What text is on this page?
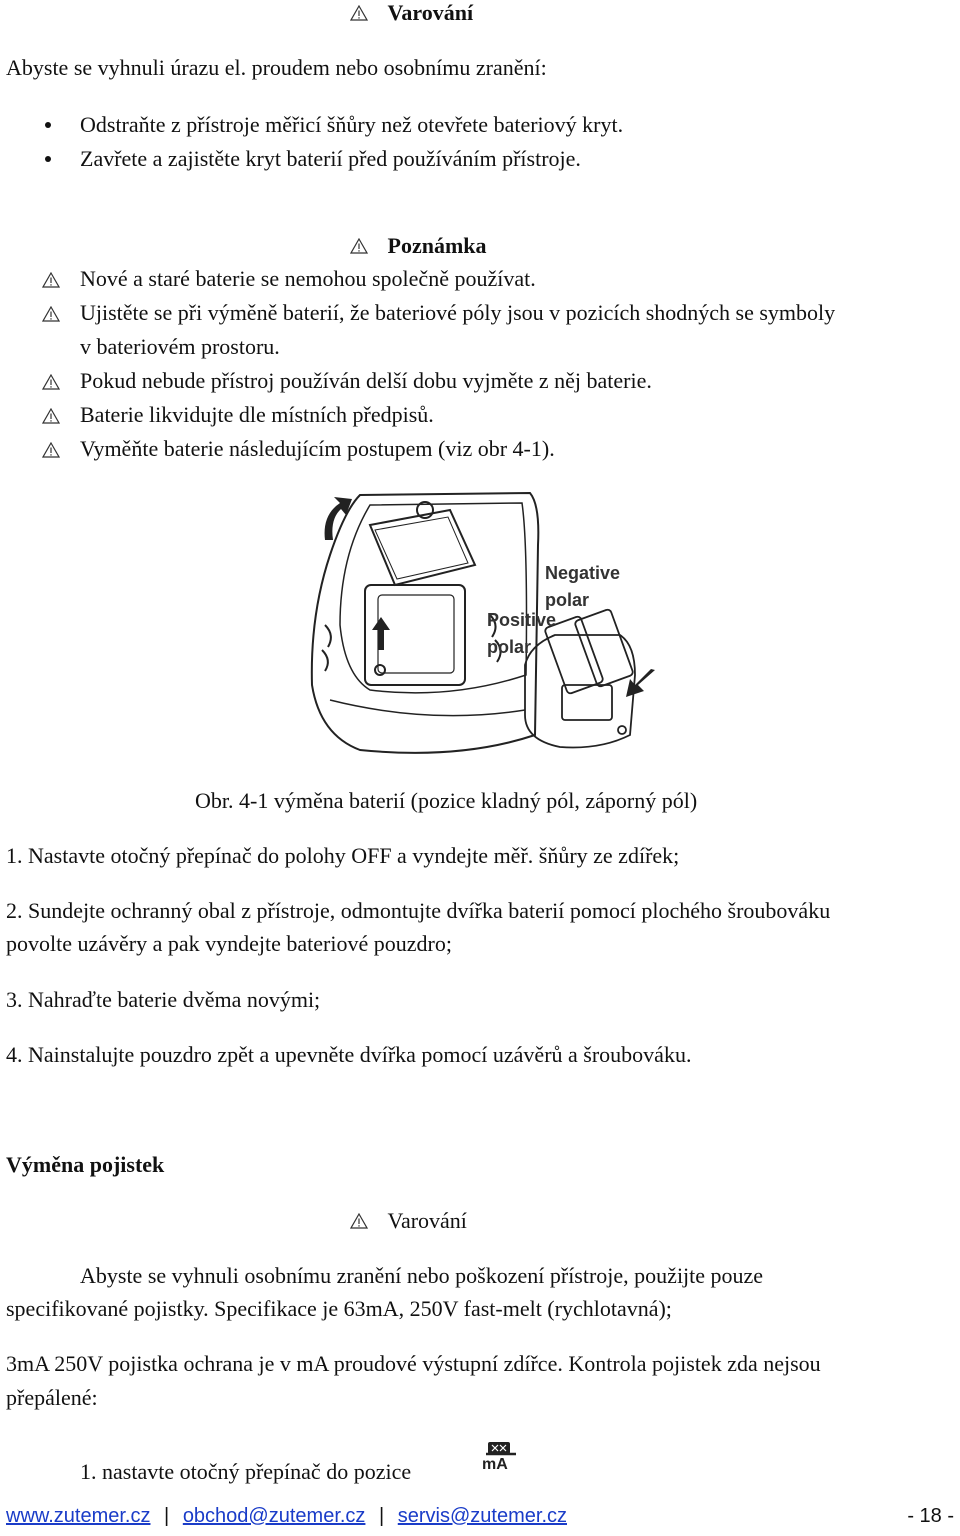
Varování
Abyste se vyhnuli úrazu el. proudem nebo osobnímu zranění:
Odstraňte z přístroje měřicí šňůry než otevřete bateriový kryt.
Zavřete a zajistěte kryt baterií před používáním přístroje.
Poznámka
Nové a staré baterie se nemohou společně používat.
Ujistěte se při výměně baterií, že bateriové póly jsou v pozicích shodných se symboly
v bateriovém prostoru.
Pokud nebude přístroj používán delší dobu vyjměte z něj baterie.
Baterie likvidujte dle místních předpisů.
Vyměňte baterie následujícím postupem (viz obr 4-1).
Negative
polar
Positive
polar
Obr. 4-1 výměna baterií (pozice kladný pól, záporný pól)
1. Nastavte otočný přepínač do polohy OFF a vyndejte měř. šňůry ze zdířek;
2. Sundejte ochranný obal z přístroje, odmontujte dvířka baterií pomocí plochého šroubováku
povolte uzávěry a pak vyndejte bateriové pouzdro;
3. Nahraďte baterie dvěma novými;
4. Nainstalujte pouzdro zpět a upevněte dvířka pomocí uzávěrů a šroubováku.
Výměna pojistek
Varování
Abyste se vyhnuli osobnímu zranění nebo poškození přístroje, použijte pouze
specifikované pojistky. Specifikace je 63mA, 250V fast-melt (rychlotavná);
3mA 250V pojistka ochrana je v mA proudové výstupní zdířce. Kontrola pojistek zda nejsou
přepálené:
1. nastavte otočný přepínač do pozice	mA
www.zutemer.cz | obchod@zutemer.cz | servis@zutemer.cz	- 18 -
